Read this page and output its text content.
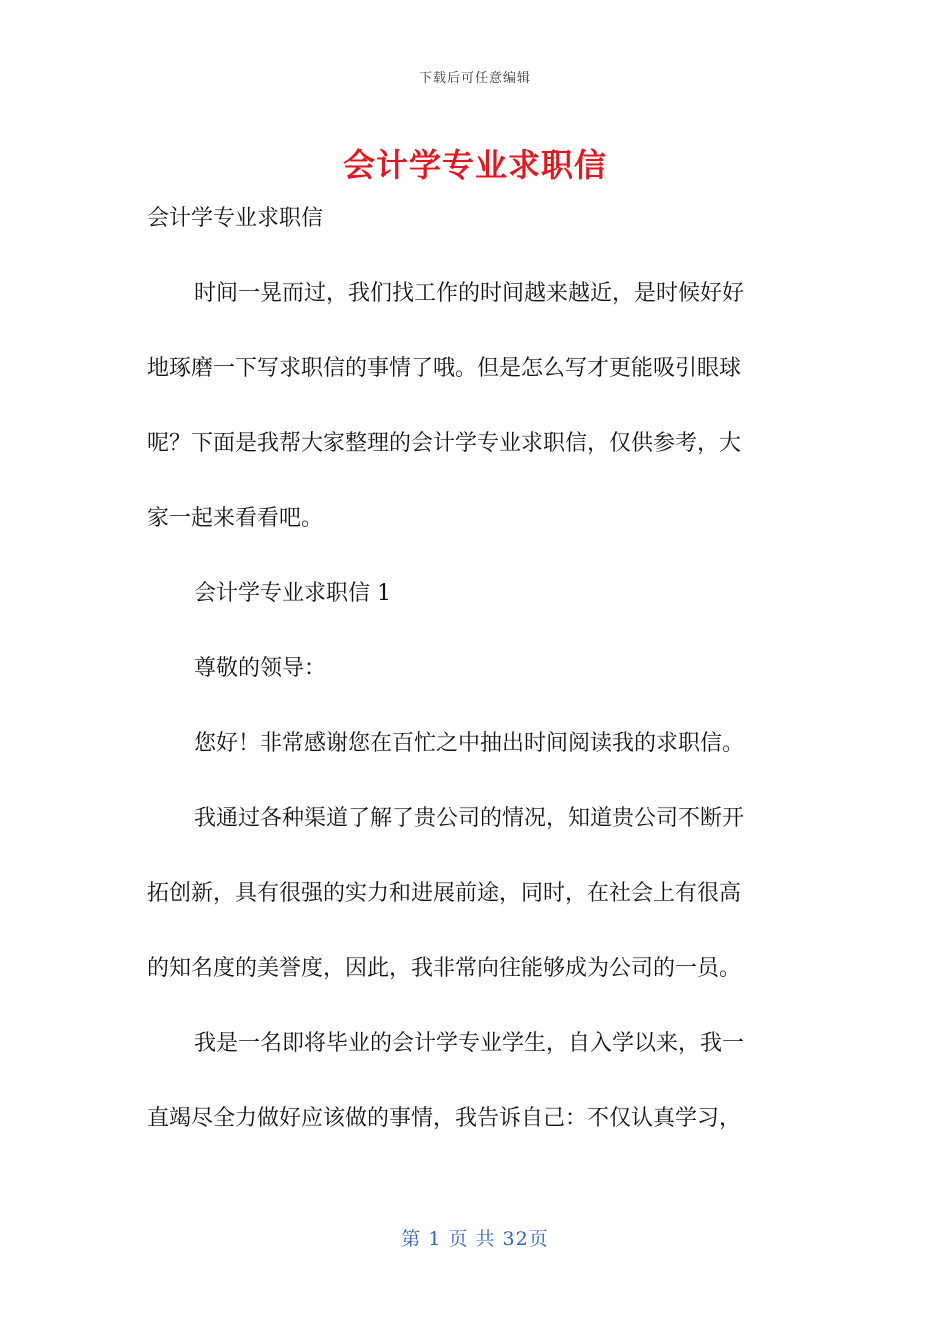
下载后可任意编辑
会计学专业求职信
会计学专业求职信
时间一晃而过，我们找工作的时间越来越近，是时候好好
地琢磨一下写求职信的事情了哦。但是怎么写才更能吸引眼球
呢？下面是我帮大家整理的会计学专业求职信，仅供参考，大
家一起来看看吧。
会计学专业求职信 1
尊敬的领导：
您好！非常感谢您在百忙之中抽出时间阅读我的求职信。
我通过各种渠道了解了贵公司的情况，知道贵公司不断开
拓创新，具有很强的实力和进展前途，同时，在社会上有很高
的知名度的美誉度，因此，我非常向往能够成为公司的一员。
我是一名即将毕业的会计学专业学生，自入学以来，我一
直竭尽全力做好应该做的事情，我告诉自己：不仅认真学习，
第 1 页 共 32页
